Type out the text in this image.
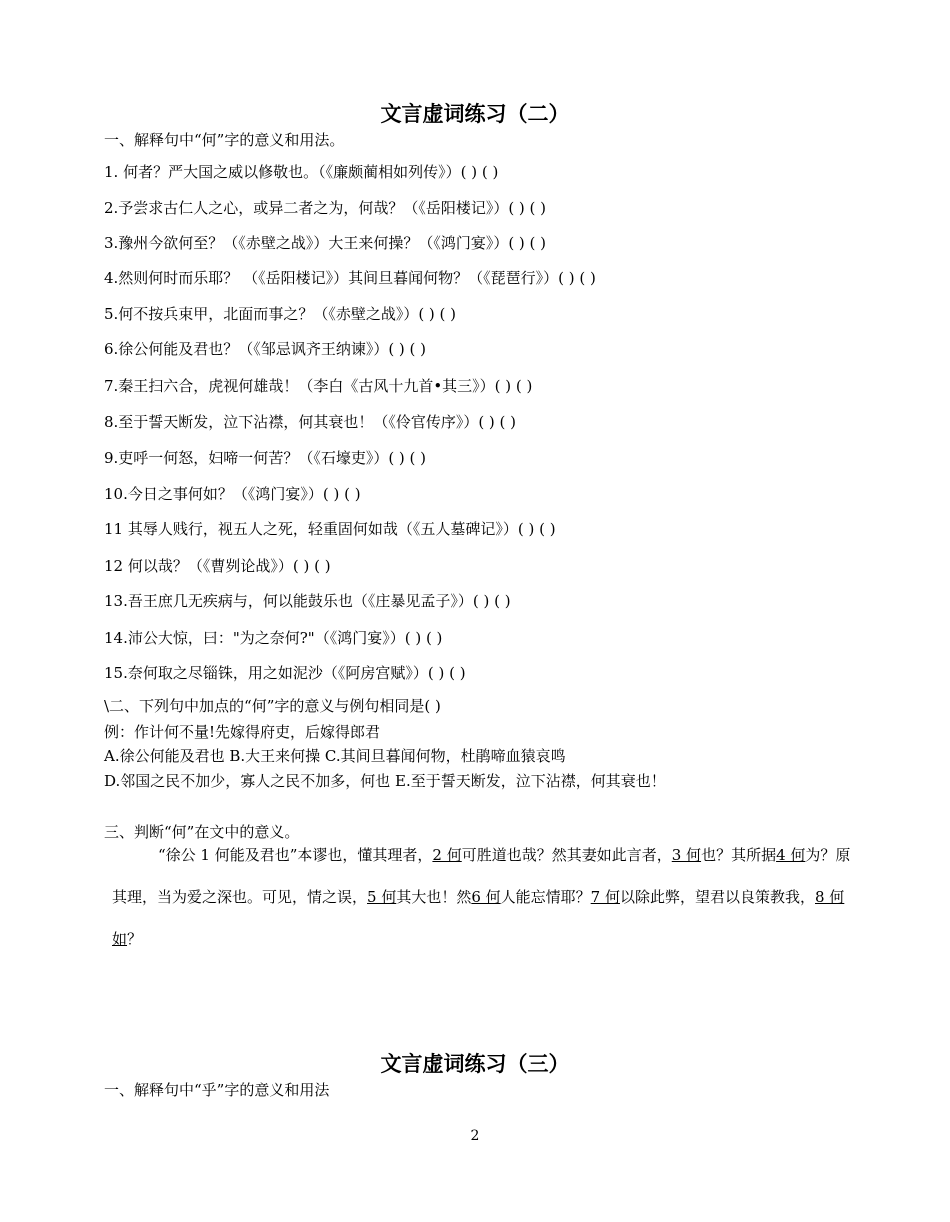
文言虚词练习（二）
一、解释句中“何”字的意义和用法。
1. 何者？严大国之威以修敬也。（《廉颇蔺相如列传》）( ) ( )
2.予尝求古仁人之心，或异二者之为，何哉？（《岳阳楼记》）( ) ( )
3.豫州今欲何至？（《赤壁之战》）大王来何操？（《鸿门宴》）( ) ( )
4.然则何时而乐耶？ （《岳阳楼记》）其间旦暮闻何物？（《琵琶行》）( ) ( )
5.何不按兵束甲，北面而事之？（《赤壁之战》）( ) ( )
6.徐公何能及君也？（《邹忌讽齐王纳谏》）( ) ( )
7.秦王扫六合，虎视何雄哉！（李白《古风十九首•其三》）( ) ( )
8.至于誓天断发，泣下沾襟，何其衰也！（《伶官传序》）( ) ( )
9.吏呼一何怒，妇啼一何苦？（《石壕吏》）( ) ( )
10.今日之事何如？（《鸿门宴》）( ) ( )
11 其辱人贱行，视五人之死，轻重固何如哉（《五人墓碑记》）( ) ( )
12 何以哉？（《曹刿论战》）( ) ( )
13.吾王庶几无疾病与，何以能鼓乐也（《庄暴见孟子》）( ) ( )
14.沛公大惊，曰："为之奈何?"（《鸿门宴》）( ) ( )
15.奈何取之尽锱铢，用之如泥沙（《阿房宫赋》）( ) ( )
\二、下列句中加点的“何”字的意义与例句相同是( )
例：作计何不量!先嫁得府吏，后嫁得郎君
A.徐公何能及君也 B.大王来何操 C.其间旦暮闻何物，杜鹃啼血猿哀鸣
D.邻国之民不加少，寡人之民不加多，何也 E.至于誓天断发，泣下沾襟，何其衰也！
三、判断“何”在文中的意义。
“徐公 1 何能及君也”本谬也，懂其理者，2 何可胜道也哉？然其妻如此言者，3 何也？其所据4 何为？原其理，当为爱之深也。可见，情之误，5 何其大也！然6 何人能忘情耶？7 何以除此弊，望君以良策教我，8 何如？
文言虚词练习（三）
一、解释句中“乎”字的意义和用法
2
